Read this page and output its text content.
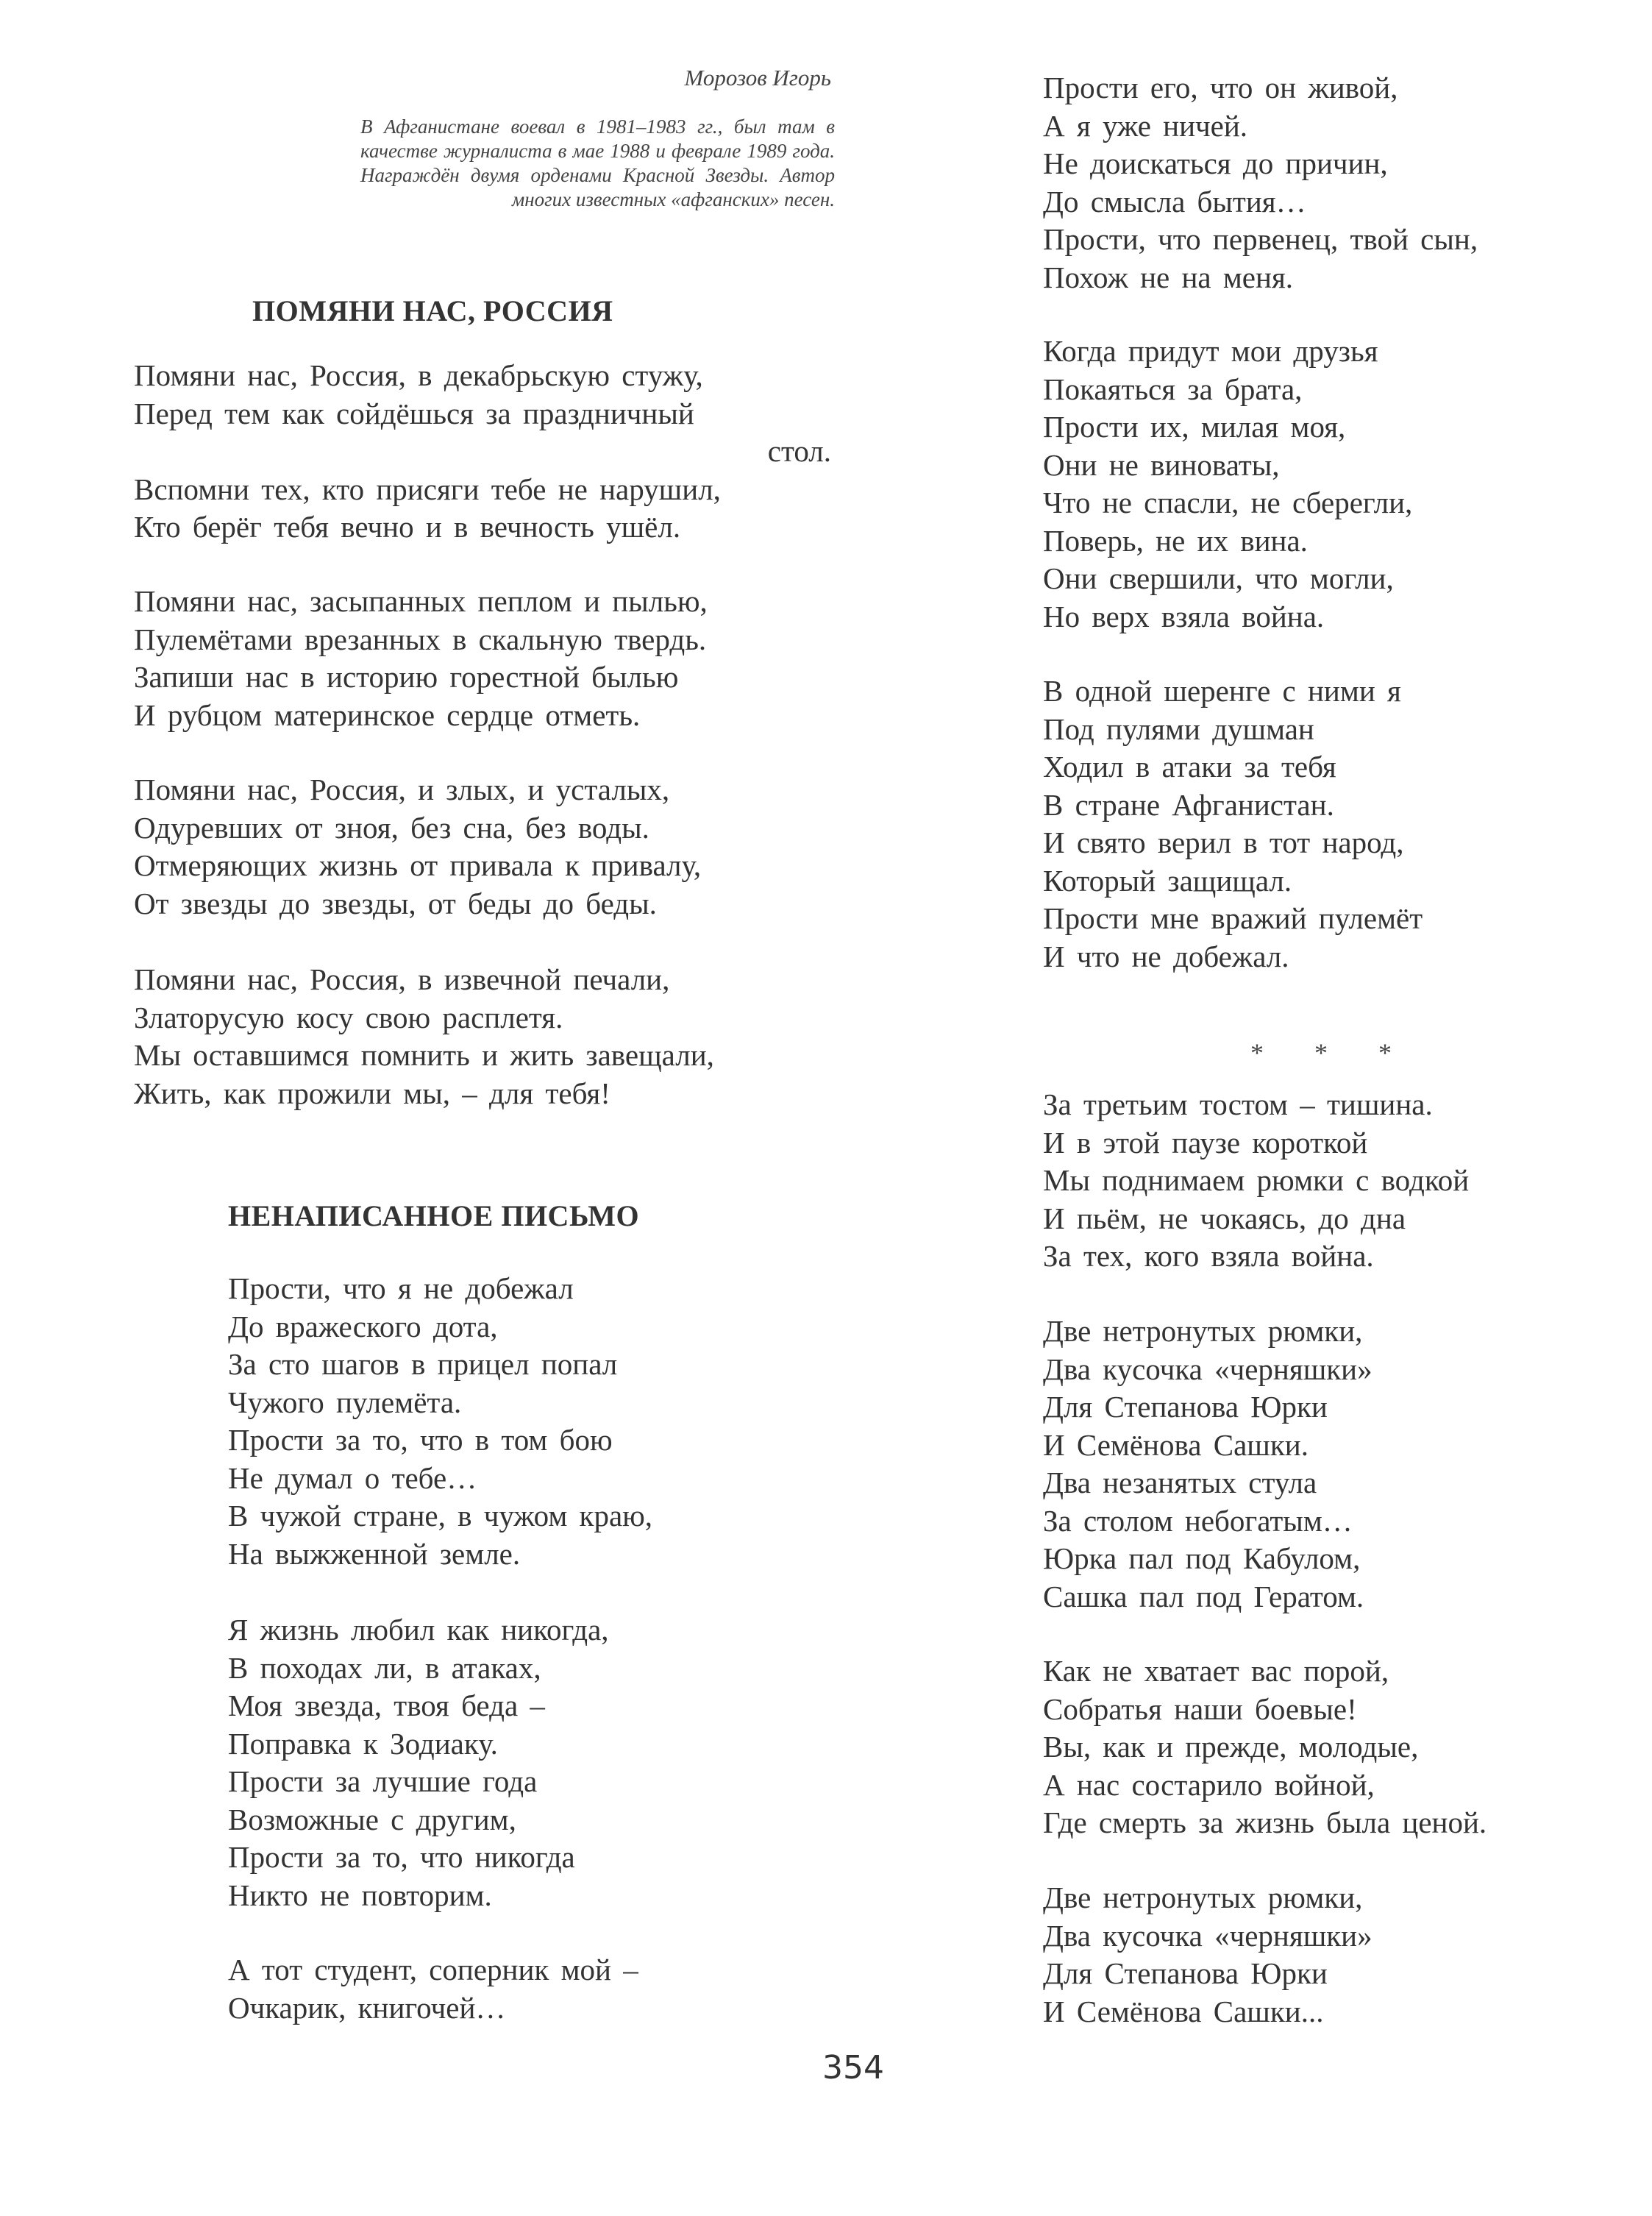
Морозов Игорь
В Афганистане воевал в 1981–1983 гг., был там в качестве журналиста в мае 1988 и феврале 1989 года. Награждён двумя орденами Красной Звезды. Автор многих известных «афганских» песен.
ПОМЯНИ НАС, РОССИЯ
Помяни нас, Россия, в декабрьскую стужу,
Перед тем как сойдёшься за праздничный
стол.
Вспомни тех, кто присяги тебе не нарушил,
Кто берёг тебя вечно и в вечность ушёл.
Помяни нас, засыпанных пеплом и пылью,
Пулемётами врезанных в скальную твердь.
Запиши нас в историю горестной былью
И рубцом материнское сердце отметь.
Помяни нас, Россия, и злых, и усталых,
Одуревших от зноя, без сна, без воды.
Отмеряющих жизнь от привала к привалу,
От звезды до звезды, от беды до беды.
Помяни нас, Россия, в извечной печали,
Златорусую косу свою расплетя.
Мы оставшимся помнить и жить завещали,
Жить, как прожили мы, – для тебя!
НЕНАПИСАННОЕ ПИСЬМО
Прости, что я не добежал
До вражеского дота,
За сто шагов в прицел попал
Чужого пулемёта.
Прости за то, что в том бою
Не думал о тебе…
В чужой стране, в чужом краю,
На выжженной земле.
Я жизнь любил как никогда,
В походах ли, в атаках,
Моя звезда, твоя беда –
Поправка к Зодиаку.
Прости за лучшие года
Возможные с другим,
Прости за то, что никогда
Никто не повторим.
А тот студент, соперник мой –
Очкарик, книгочей…
Прости его, что он живой,
А я уже ничей.
Не доискаться до причин,
До смысла бытия…
Прости, что первенец, твой сын,
Похож не на меня.
Когда придут мои друзья
Покаяться за брата,
Прости их, милая моя,
Они не виноваты,
Что не спасли, не сберегли,
Поверь, не их вина.
Они свершили, что могли,
Но верх взяла война.
В одной шеренге с ними я
Под пулями душман
Ходил в атаки за тебя
В стране Афганистан.
И свято верил в тот народ,
Который защищал.
Прости мне вражий пулемёт
И что не добежал.
* * *
За третьим тостом – тишина.
И в этой паузе короткой
Мы поднимаем рюмки с водкой
И пьём, не чокаясь, до дна
За тех, кого взяла война.
Две нетронутых рюмки,
Два кусочка «черняшки»
Для Степанова Юрки
И Семёнова Сашки.
Два незанятых стула
За столом небогатым…
Юрка пал под Кабулом,
Сашка пал под Гератом.
Как не хватает вас порой,
Собратья наши боевые!
Вы, как и прежде, молодые,
А нас состарило войной,
Где смерть за жизнь была ценой.
Две нетронутых рюмки,
Два кусочка «черняшки»
Для Степанова Юрки
И Семёнова Сашки...
354
